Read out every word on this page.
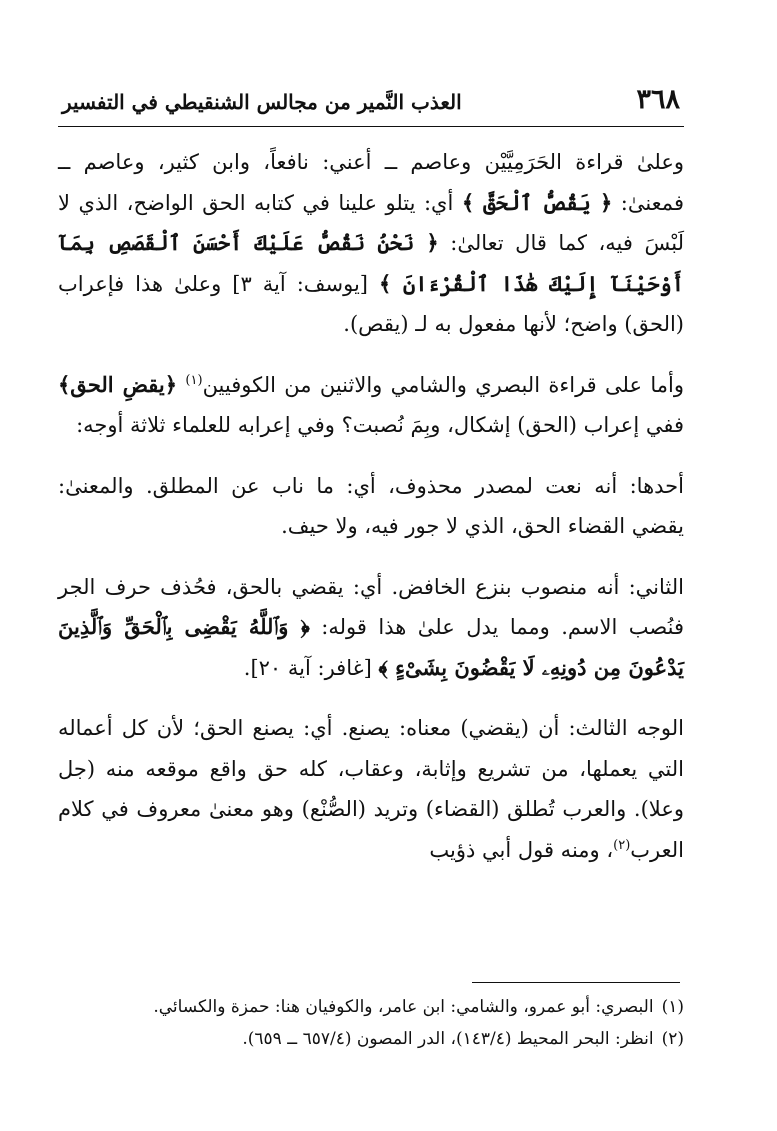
٣٦٨
العذب النَّمير من مجالس الشنقيطي في التفسير

وعلىٰ قراءة الحَرَمِيَّيْن وعاصم ــ أعني: نافعاً، وابن كثير، وعاصم ــ فمعنىٰ: ﴿ يَقُصُّ ٱلْحَقَّ ﴾ أي: يتلو علينا في كتابه الحق الواضح، الذي لا لَبْسَ فيه، كما قال تعالىٰ: ﴿ نَحْنُ نَقُصُّ عَلَيْكَ أَحْسَنَ ٱلْقَصَصِ بِمَآ أَوْحَيْنَآ إِلَيْكَ هَٰذَا ٱلْقُرْءَانَ ﴾ [يوسف: آية ٣] وعلىٰ هذا فإعراب (الحق) واضح؛ لأنها مفعول به لـ (يقص).

وأما على قراءة البصري والشامي والاثنين من الكوفيين$^{(١)}$ ﴿يقضِ الحق﴾ ففي إعراب (الحق) إشكال، وبِمَ نُصبت؟ وفي إعرابه للعلماء ثلاثة أوجه:

أحدها: أنه نعت لمصدر محذوف، أي: ما ناب عن المطلق. والمعنىٰ: يقضي القضاء الحق، الذي لا جور فيه، ولا حيف.

الثاني: أنه منصوب بنزع الخافض. أي: يقضي بالحق، فحُذف حرف الجر فنُصب الاسم. ومما يدل علىٰ هذا قوله: ﴿ وَٱللَّهُ يَقْضِى بِٱلْحَقِّ وَٱلَّذِينَ يَدْعُونَ مِن دُونِهِۦ لَا يَقْضُونَ بِشَىْءٍ ﴾ [غافر: آية ٢٠].

الوجه الثالث: أن (يقضي) معناه: يصنع. أي: يصنع الحق؛ لأن كل أعماله التي يعملها، من تشريع وإثابة، وعقاب، كله حق واقع موقعه منه (جل وعلا). والعرب تُطلق (القضاء) وتريد (الصُّنْع) وهو معنىٰ معروف في كلام العرب$^{(٢)}$، ومنه قول أبي ذؤيب

(١)البصري: أبو عمرو، والشامي: ابن عامر، والكوفيان هنا: حمزة والكسائي.

(٢)انظر: البحر المحيط (١٤٣/٤)، الدر المصون (٦٥٧/٤ ــ ٦٥٩).
